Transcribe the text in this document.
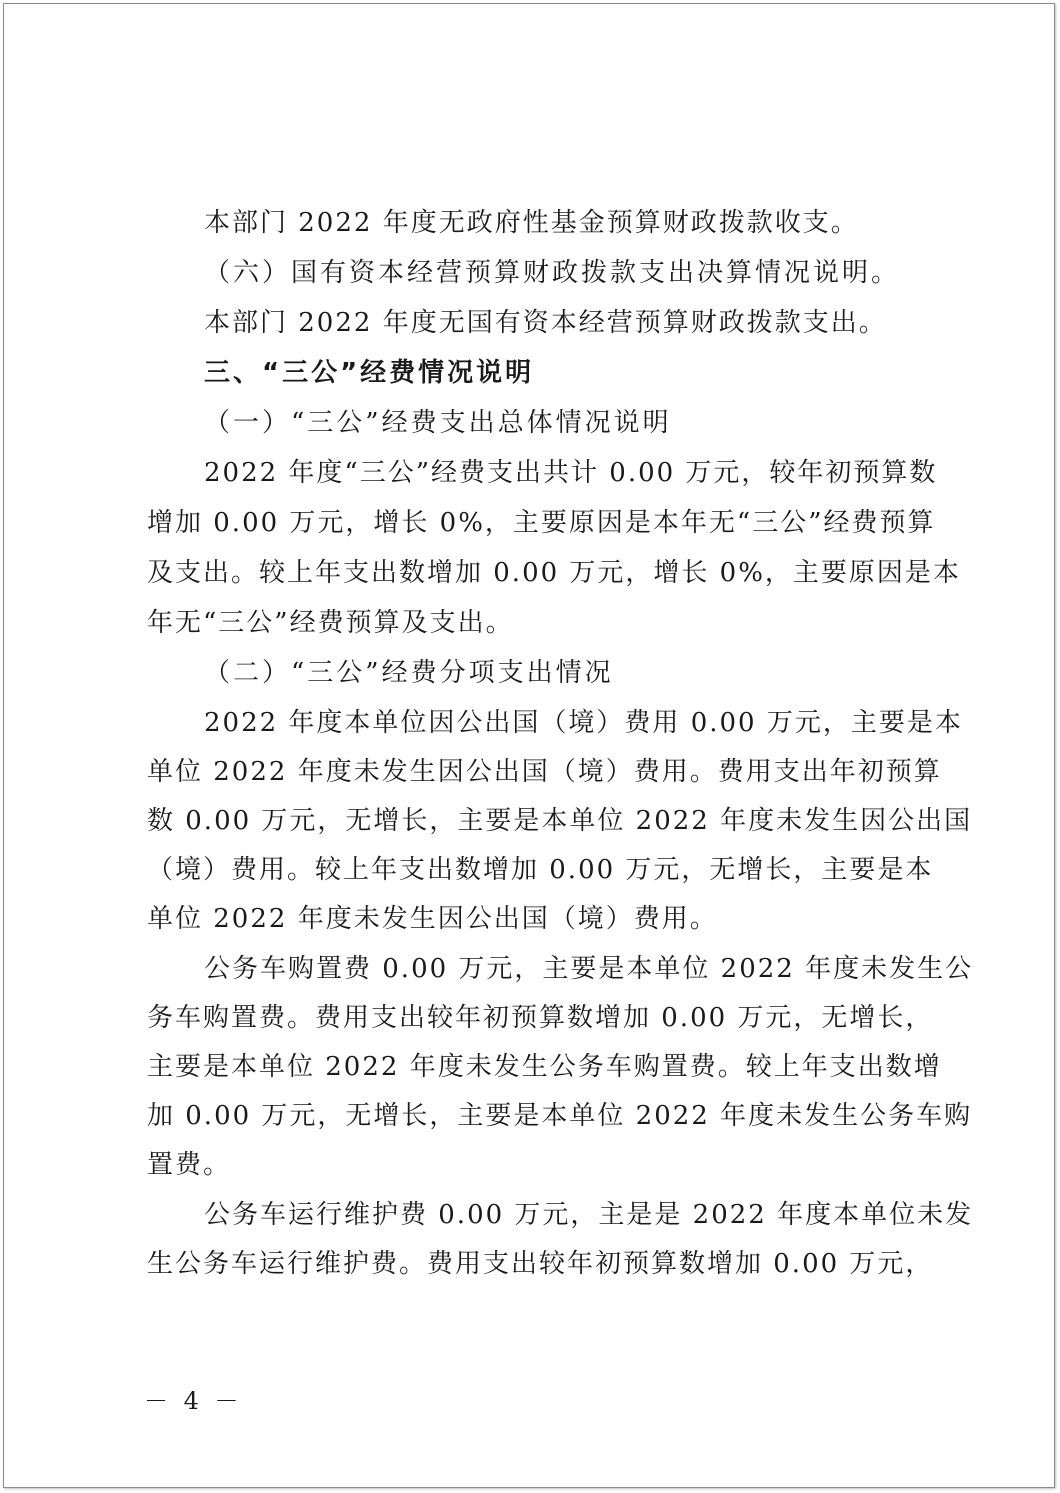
本部门 2022 年度无政府性基金预算财政拨款收支。
（六）国有资本经营预算财政拨款支出决算情况说明。
本部门 2022 年度无国有资本经营预算财政拨款支出。
三、“三公”经费情况说明
（一）“三公”经费支出总体情况说明
2022 年度“三公”经费支出共计 0.00 万元，较年初预算数
增加 0.00 万元，增长 0%，主要原因是本年无“三公”经费预算
及支出。较上年支出数增加 0.00 万元，增长 0%，主要原因是本
年无“三公”经费预算及支出。
（二）“三公”经费分项支出情况
2022 年度本单位因公出国（境）费用 0.00 万元，主要是本
单位 2022 年度未发生因公出国（境）费用。费用支出年初预算
数 0.00 万元，无增长，主要是本单位 2022 年度未发生因公出国
（境）费用。较上年支出数增加 0.00 万元，无增长，主要是本
单位 2022 年度未发生因公出国（境）费用。
公务车购置费 0.00 万元，主要是本单位 2022 年度未发生公
务车购置费。费用支出较年初预算数增加 0.00 万元，无增长，
主要是本单位 2022 年度未发生公务车购置费。较上年支出数增
加 0.00 万元，无增长，主要是本单位 2022 年度未发生公务车购
置费。
公务车运行维护费 0.00 万元，主是是 2022 年度本单位未发
生公务车运行维护费。费用支出较年初预算数增加 0.00 万元，
－ 4 －
